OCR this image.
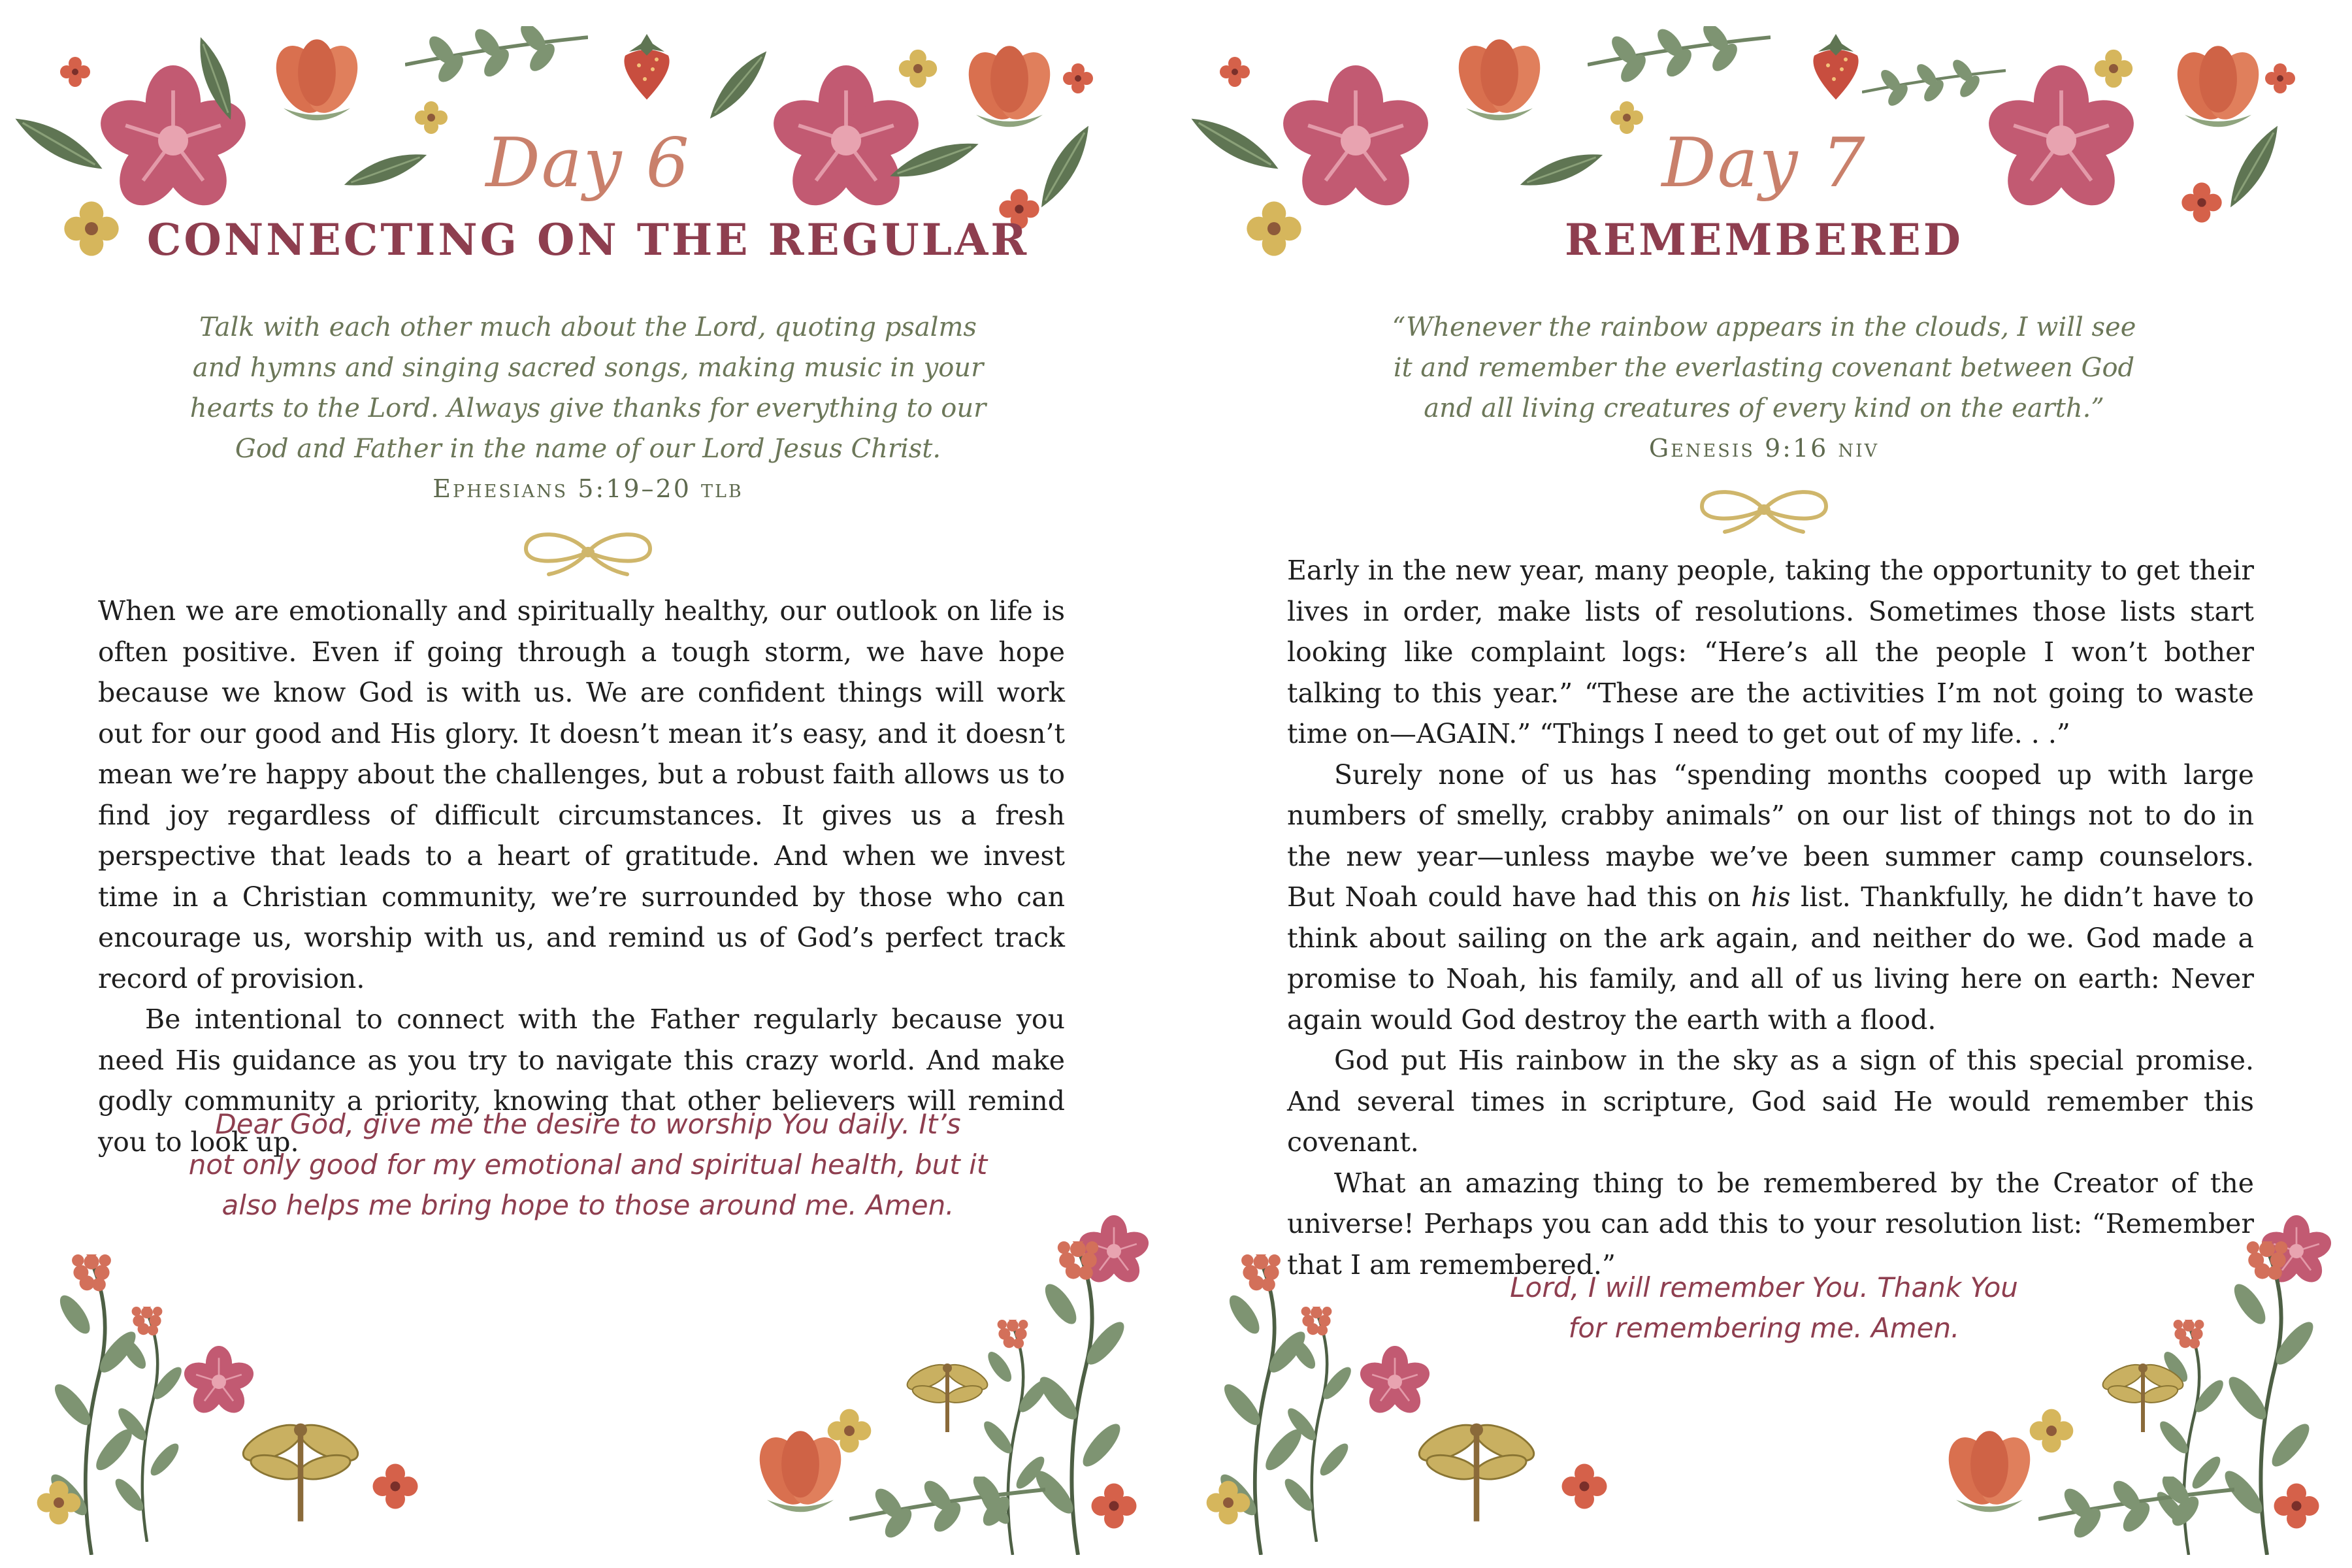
Day 6
CONNECTING ON THE REGULAR
Talk with each other much about the Lord, quoting psalms
and hymns and singing sacred songs, making music in your
hearts to the Lord. Always give thanks for everything to our
God and Father in the name of our Lord Jesus Christ.
Ephesians 5:19–20 tlb

When we are emotionally and spiritually healthy, our outlook on life is often positive. Even if going through a tough storm, we have hope because we know God is with us. We are confident things will work out for our good and His glory. It doesn’t mean it’s easy, and it doesn’t mean we’re happy about the challenges, but a robust faith allows us to find joy regardless of difficult circumstances. It gives us a fresh perspective that leads to a heart of gratitude. And when we invest time in a Christian community, we’re surrounded by those who can encourage us, worship with us, and remind us of God’s perfect track record of provision.

Be intentional to connect with the Father regularly because you need His guidance as you try to navigate this crazy world. And make godly community a priority, knowing that other believers will remind you to look up.

Dear God, give me the desire to worship You daily. It’s
not only good for my emotional and spiritual health, but it
also helps me bring hope to those around me. Amen.
Day 7
REMEMBERED
“Whenever the rainbow appears in the clouds, I will see
it and remember the everlasting covenant between God
and all living creatures of every kind on the earth.”
Genesis 9:16 niv

Early in the new year, many people, taking the opportunity to get their lives in order, make lists of resolutions. Sometimes those lists start looking like complaint logs: “Here’s all the people I won’t bother talking to this year.” “These are the activities I’m not going to waste time on—AGAIN.” “Things I need to get out of my life. . .”

Surely none of us has “spending months cooped up with large numbers of smelly, crabby animals” on our list of things not to do in the new year—unless maybe we’ve been summer camp counselors. But Noah could have had this on his list. Thankfully, he didn’t have to think about sailing on the ark again, and neither do we. God made a promise to Noah, his family, and all of us living here on earth: Never again would God destroy the earth with a flood.

God put His rainbow in the sky as a sign of this special promise. And several times in scripture, God said He would remember this covenant.

What an amazing thing to be remembered by the Creator of the universe! Perhaps you can add this to your resolution list: “Remember that I am remembered.”

Lord, I will remember You. Thank You
for remembering me. Amen.
